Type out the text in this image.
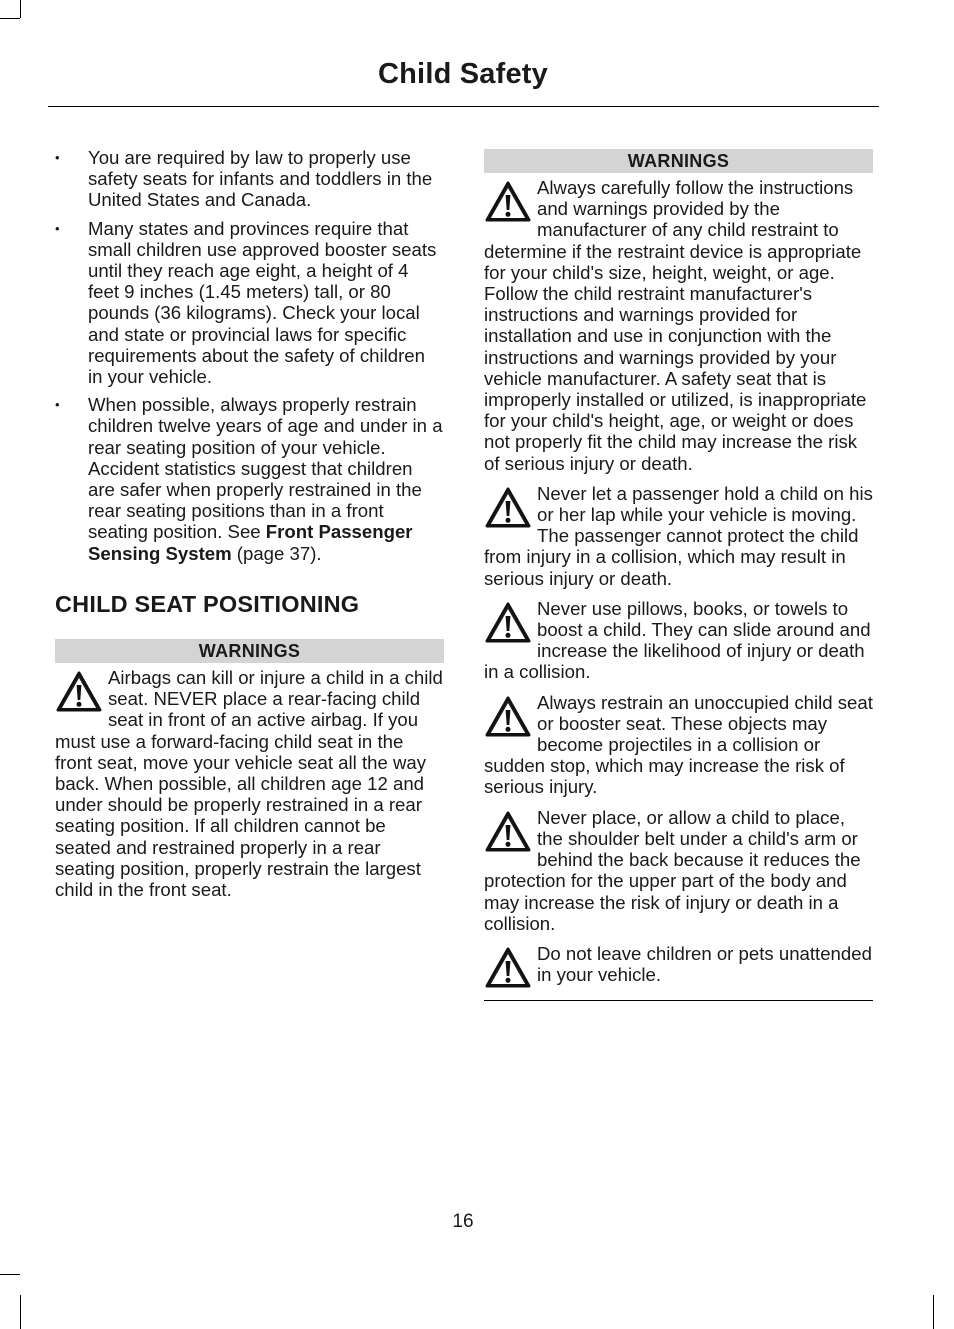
Child Safety
• You are required by law to properly use safety seats for infants and toddlers in the United States and Canada.
• Many states and provinces require that small children use approved booster seats until they reach age eight, a height of 4 feet 9 inches (1.45 meters) tall, or 80 pounds (36 kilograms). Check your local and state or provincial laws for specific requirements about the safety of children in your vehicle.
• When possible, always properly restrain children twelve years of age and under in a rear seating position of your vehicle. Accident statistics suggest that children are safer when properly restrained in the rear seating positions than in a front seating position. See Front Passenger Sensing System (page 37).
CHILD SEAT POSITIONING
WARNINGS
Airbags can kill or injure a child in a child seat. NEVER place a rear-facing child seat in front of an active airbag. If you must use a forward-facing child seat in the front seat, move your vehicle seat all the way back. When possible, all children age 12 and under should be properly restrained in a rear seating position. If all children cannot be seated and restrained properly in a rear seating position, properly restrain the largest child in the front seat.
WARNINGS
Always carefully follow the instructions and warnings provided by the manufacturer of any child restraint to determine if the restraint device is appropriate for your child's size, height, weight, or age. Follow the child restraint manufacturer's instructions and warnings provided for installation and use in conjunction with the instructions and warnings provided by your vehicle manufacturer. A safety seat that is improperly installed or utilized, is inappropriate for your child's height, age, or weight or does not properly fit the child may increase the risk of serious injury or death.
Never let a passenger hold a child on his or her lap while your vehicle is moving. The passenger cannot protect the child from injury in a collision, which may result in serious injury or death.
Never use pillows, books, or towels to boost a child. They can slide around and increase the likelihood of injury or death in a collision.
Always restrain an unoccupied child seat or booster seat. These objects may become projectiles in a collision or sudden stop, which may increase the risk of serious injury.
Never place, or allow a child to place, the shoulder belt under a child's arm or behind the back because it reduces the protection for the upper part of the body and may increase the risk of injury or death in a collision.
Do not leave children or pets unattended in your vehicle.
16
